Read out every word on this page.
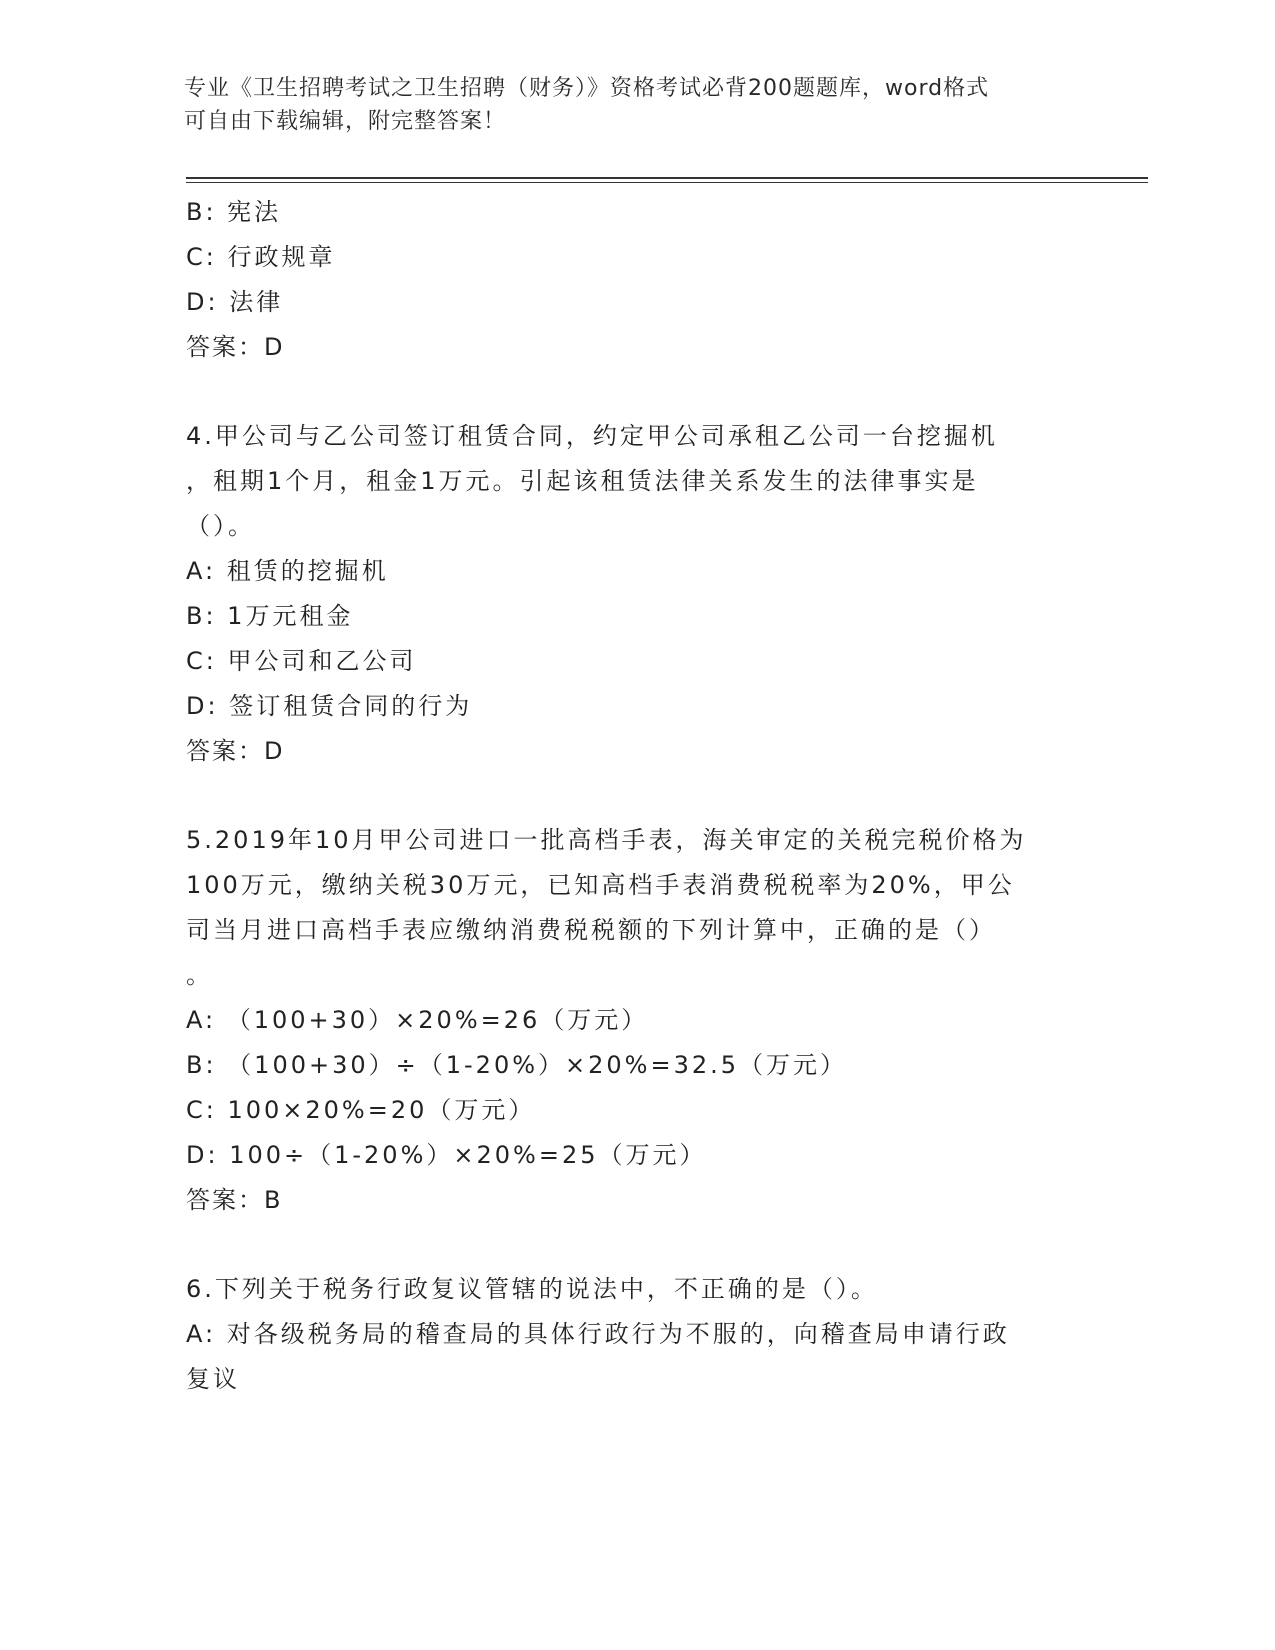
专业《卫生招聘考试之卫生招聘（财务）》资格考试必背200题题库，word格式
可自由下载编辑，附完整答案！
B: 宪法
C: 行政规章
D: 法律
答案：D
4.甲公司与乙公司签订租赁合同，约定甲公司承租乙公司一台挖掘机
，租期1个月，租金1万元。引起该租赁法律关系发生的法律事实是
（）。
A: 租赁的挖掘机
B: 1万元租金
C: 甲公司和乙公司
D: 签订租赁合同的行为
答案：D
5.2019年10月甲公司进口一批高档手表，海关审定的关税完税价格为
100万元，缴纳关税30万元，已知高档手表消费税税率为20%，甲公
司当月进口高档手表应缴纳消费税税额的下列计算中，正确的是（）
。
A: （100+30）×20%=26（万元）
B: （100+30）÷（1-20%）×20%=32.5（万元）
C: 100×20%=20（万元）
D: 100÷（1-20%）×20%=25（万元）
答案：B
6.下列关于税务行政复议管辖的说法中，不正确的是（）。
A: 对各级税务局的稽查局的具体行政行为不服的，向稽查局申请行政
复议
